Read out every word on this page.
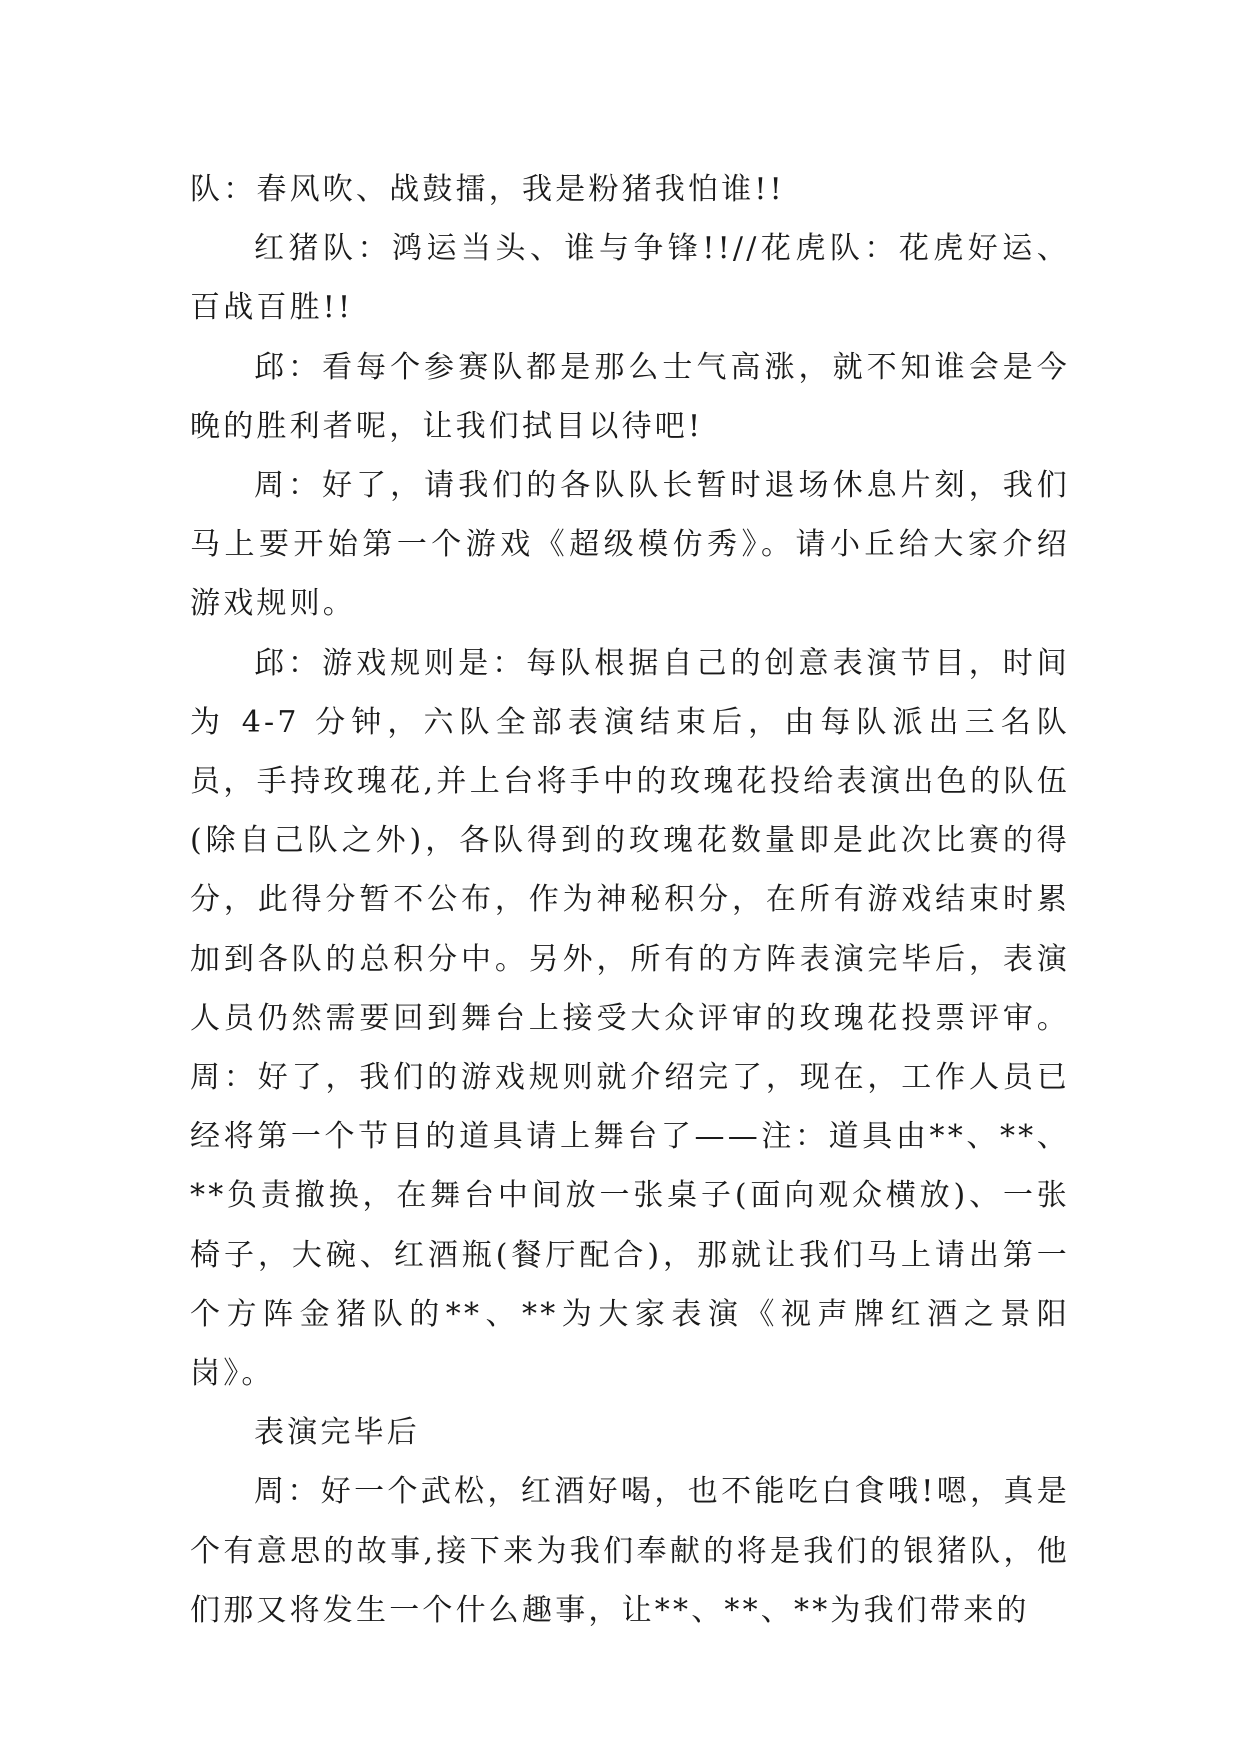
队：春风吹、战鼓擂，我是粉猪我怕谁!!

红猪队：鸿运当头、谁与争锋!!//花虎队：花虎好运、百战百胜!!

邱：看每个参赛队都是那么士气高涨，就不知谁会是今晚的胜利者呢，让我们拭目以待吧!

周：好了，请我们的各队队长暂时退场休息片刻，我们马上要开始第一个游戏《超级模仿秀》。请小丘给大家介绍游戏规则。

邱：游戏规则是：每队根据自己的创意表演节目，时间为 4-7 分钟，六队全部表演结束后，由每队派出三名队员，手持玫瑰花,并上台将手中的玫瑰花投给表演出色的队伍(除自己队之外)，各队得到的玫瑰花数量即是此次比赛的得分，此得分暂不公布，作为神秘积分，在所有游戏结束时累加到各队的总积分中。另外，所有的方阵表演完毕后，表演人员仍然需要回到舞台上接受大众评审的玫瑰花投票评审。周：好了，我们的游戏规则就介绍完了，现在，工作人员已经将第一个节目的道具请上舞台了——注：道具由**、**、**负责撤换，在舞台中间放一张桌子(面向观众横放)、一张椅子，大碗、红酒瓶(餐厅配合)，那就让我们马上请出第一个方阵金猪队的**、**为大家表演《视声牌红酒之景阳岗》。

表演完毕后

周：好一个武松，红酒好喝，也不能吃白食哦!嗯，真是个有意思的故事,接下来为我们奉献的将是我们的银猪队，他们那又将发生一个什么趣事，让**、**、**为我们带来的
